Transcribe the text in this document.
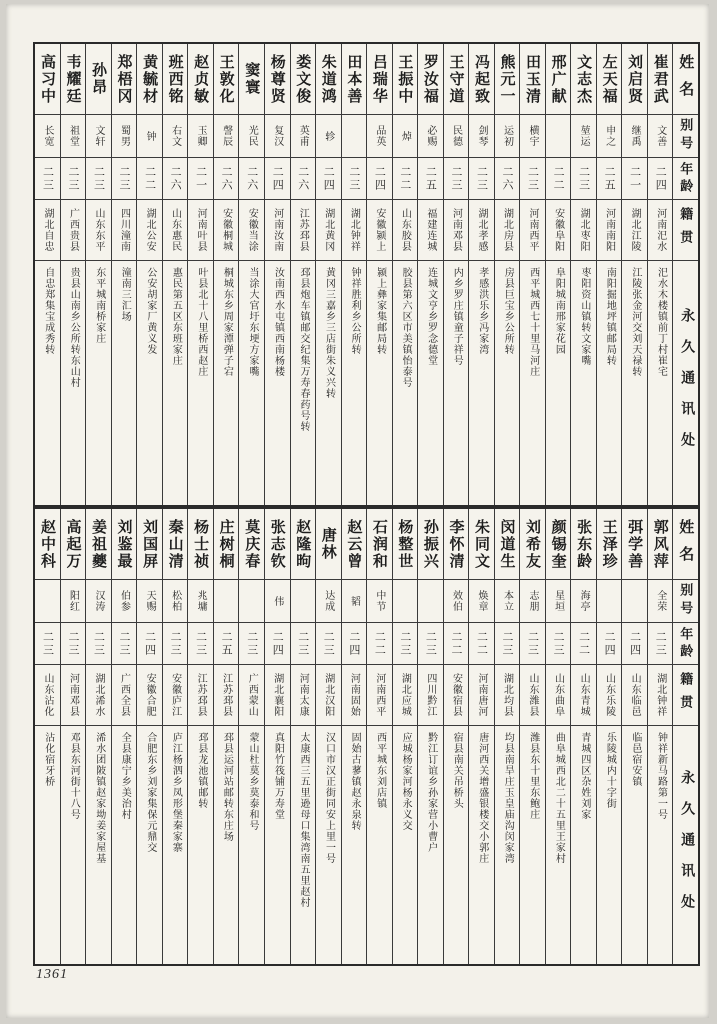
姓名
别号
年龄
籍贯
永久通讯处
崔君武
文善
二四
河南汜水
汜水木楼镇前丁村崔宅
刘启贤
继禹
二一
湖北江陵
江陵张金河交刘天禄转
左天福
申之
二五
河南南阳
南阳掘地坪镇邮局转
文志杰
堃运
二三
湖北枣阳
枣阳资山镇转文家嘴
邢广献
二二
安徽阜阳
阜阳城南邢家花园
田玉清
横宇
二三
河南西平
西平城西七十里马河庄
熊元一
运初
二六
湖北房县
房县巨宝乡公所转
冯起致
剑琴
二三
湖北孝感
孝感洪乐乡冯家湾
王守道
民德
二三
河南邓县
内乡罗庄镇童子祥号
罗汝福
必赐
二五
福建连城
连城文亨乡罗念德堂
王振中
焯
二二
山东胶县
胶县第六区市美镇怡泰号
吕瑞华
品英
二四
安徽颍上
颍上彝家集邮局转
田本善
二三
湖北钟祥
钟祥胜利乡公所转
朱道鸿
轸
二四
湖北黄冈
黄冈三嘉乡三店街朱义兴转
娄文俊
英甫
二六
江苏邳县
邳县炮车镇邮交纪集万寿春药号转
杨尊贤
复汉
二四
河南汝南
汝南西水屯镇西南杨楼
窦寰
光民
二六
安徽当涂
当涂大官圩东埂方家嘴
王敦化
謦辰
二六
安徽桐城
桐城东乡周家潭弹子宕
赵贞敏
玉卿
二一
河南叶县
叶县北十八里桥西赵庄
班西铭
右文
二六
山东惠民
惠民第五区东班家庄
黄毓材
钟
二二
湖北公安
公安胡家厂黄义发
郑梧冈
蜀男
二三
四川潼南
潼南三汇场
孙昂
文轩
二三
山东东平
东平城南桥家庄
韦耀廷
祖堂
二三
广西贵县
贵县山南乡公所转东山村
高习中
长宽
二三
湖北自忠
自忠郑集宝成秀转
姓名
别号
年龄
籍贯
永久通讯处
郭风萍
全荣
二三
湖北钟祥
钟祥新马路第一号
弭学善
二四
山东临邑
临邑宿安镇
王泽珍
二四
山东乐陵
乐陵城内十字街
张东龄
海亭
二二
山东青城
青城四区杂姓刘家
颜锡奎
星垣
二三
山东曲阜
曲阜城西北二十五里王家村
刘希友
志朋
二三
山东潍县
潍县东十里东鲍庄
闵道生
本立
二三
湖北均县
均县南旱庄玉皇庙沟闵家湾
朱同文
焕章
二二
河南唐河
唐河西关增盛银楼交小郭庄
李怀清
效伯
二二
安徽宿县
宿县南关吊桥头
孙振兴
二三
四川黔江
黔江订谊乡孙家营小曹户
杨整世
二三
湖北应城
应城杨家河杨永义交
石润和
中节
二二
河南西平
西平城东刘店镇
赵云曾
韬
二四
河南固始
固始古蓼镇赵永泉转
唐林
达成
二三
湖北汉阳
汉口市汉正街同安上里一号
赵隆昫
二三
河南太康
太康西三五里逊母口集湾南五里赵村
张志钦
伟
二四
湖北襄阳
真阳竹筏铺万寿堂
莫庆春
二三
广西蒙山
蒙山杜莫乡莫泰和号
庄树桐
二五
江苏邳县
邳县运河站邮转东庄场
杨士祯
兆墉
二三
江苏邳县
邳县龙池镇邮转
秦山清
松柏
二三
安徽庐江
庐江杨泗乡凤形堡秦家寨
刘国屏
天赐
二四
安徽合肥
合肥东乡刘家集保元鼎交
刘鉴最
伯参
二三
广西全县
全县康宁乡美治村
姜祖夔
汉涛
二三
湖北浠水
浠水团陂镇赵家坳姜家屋基
高起万
阳红
二三
河南邓县
邓县东河街十八号
赵中科
二三
山东沾化
沾化宿牙桥
1361
